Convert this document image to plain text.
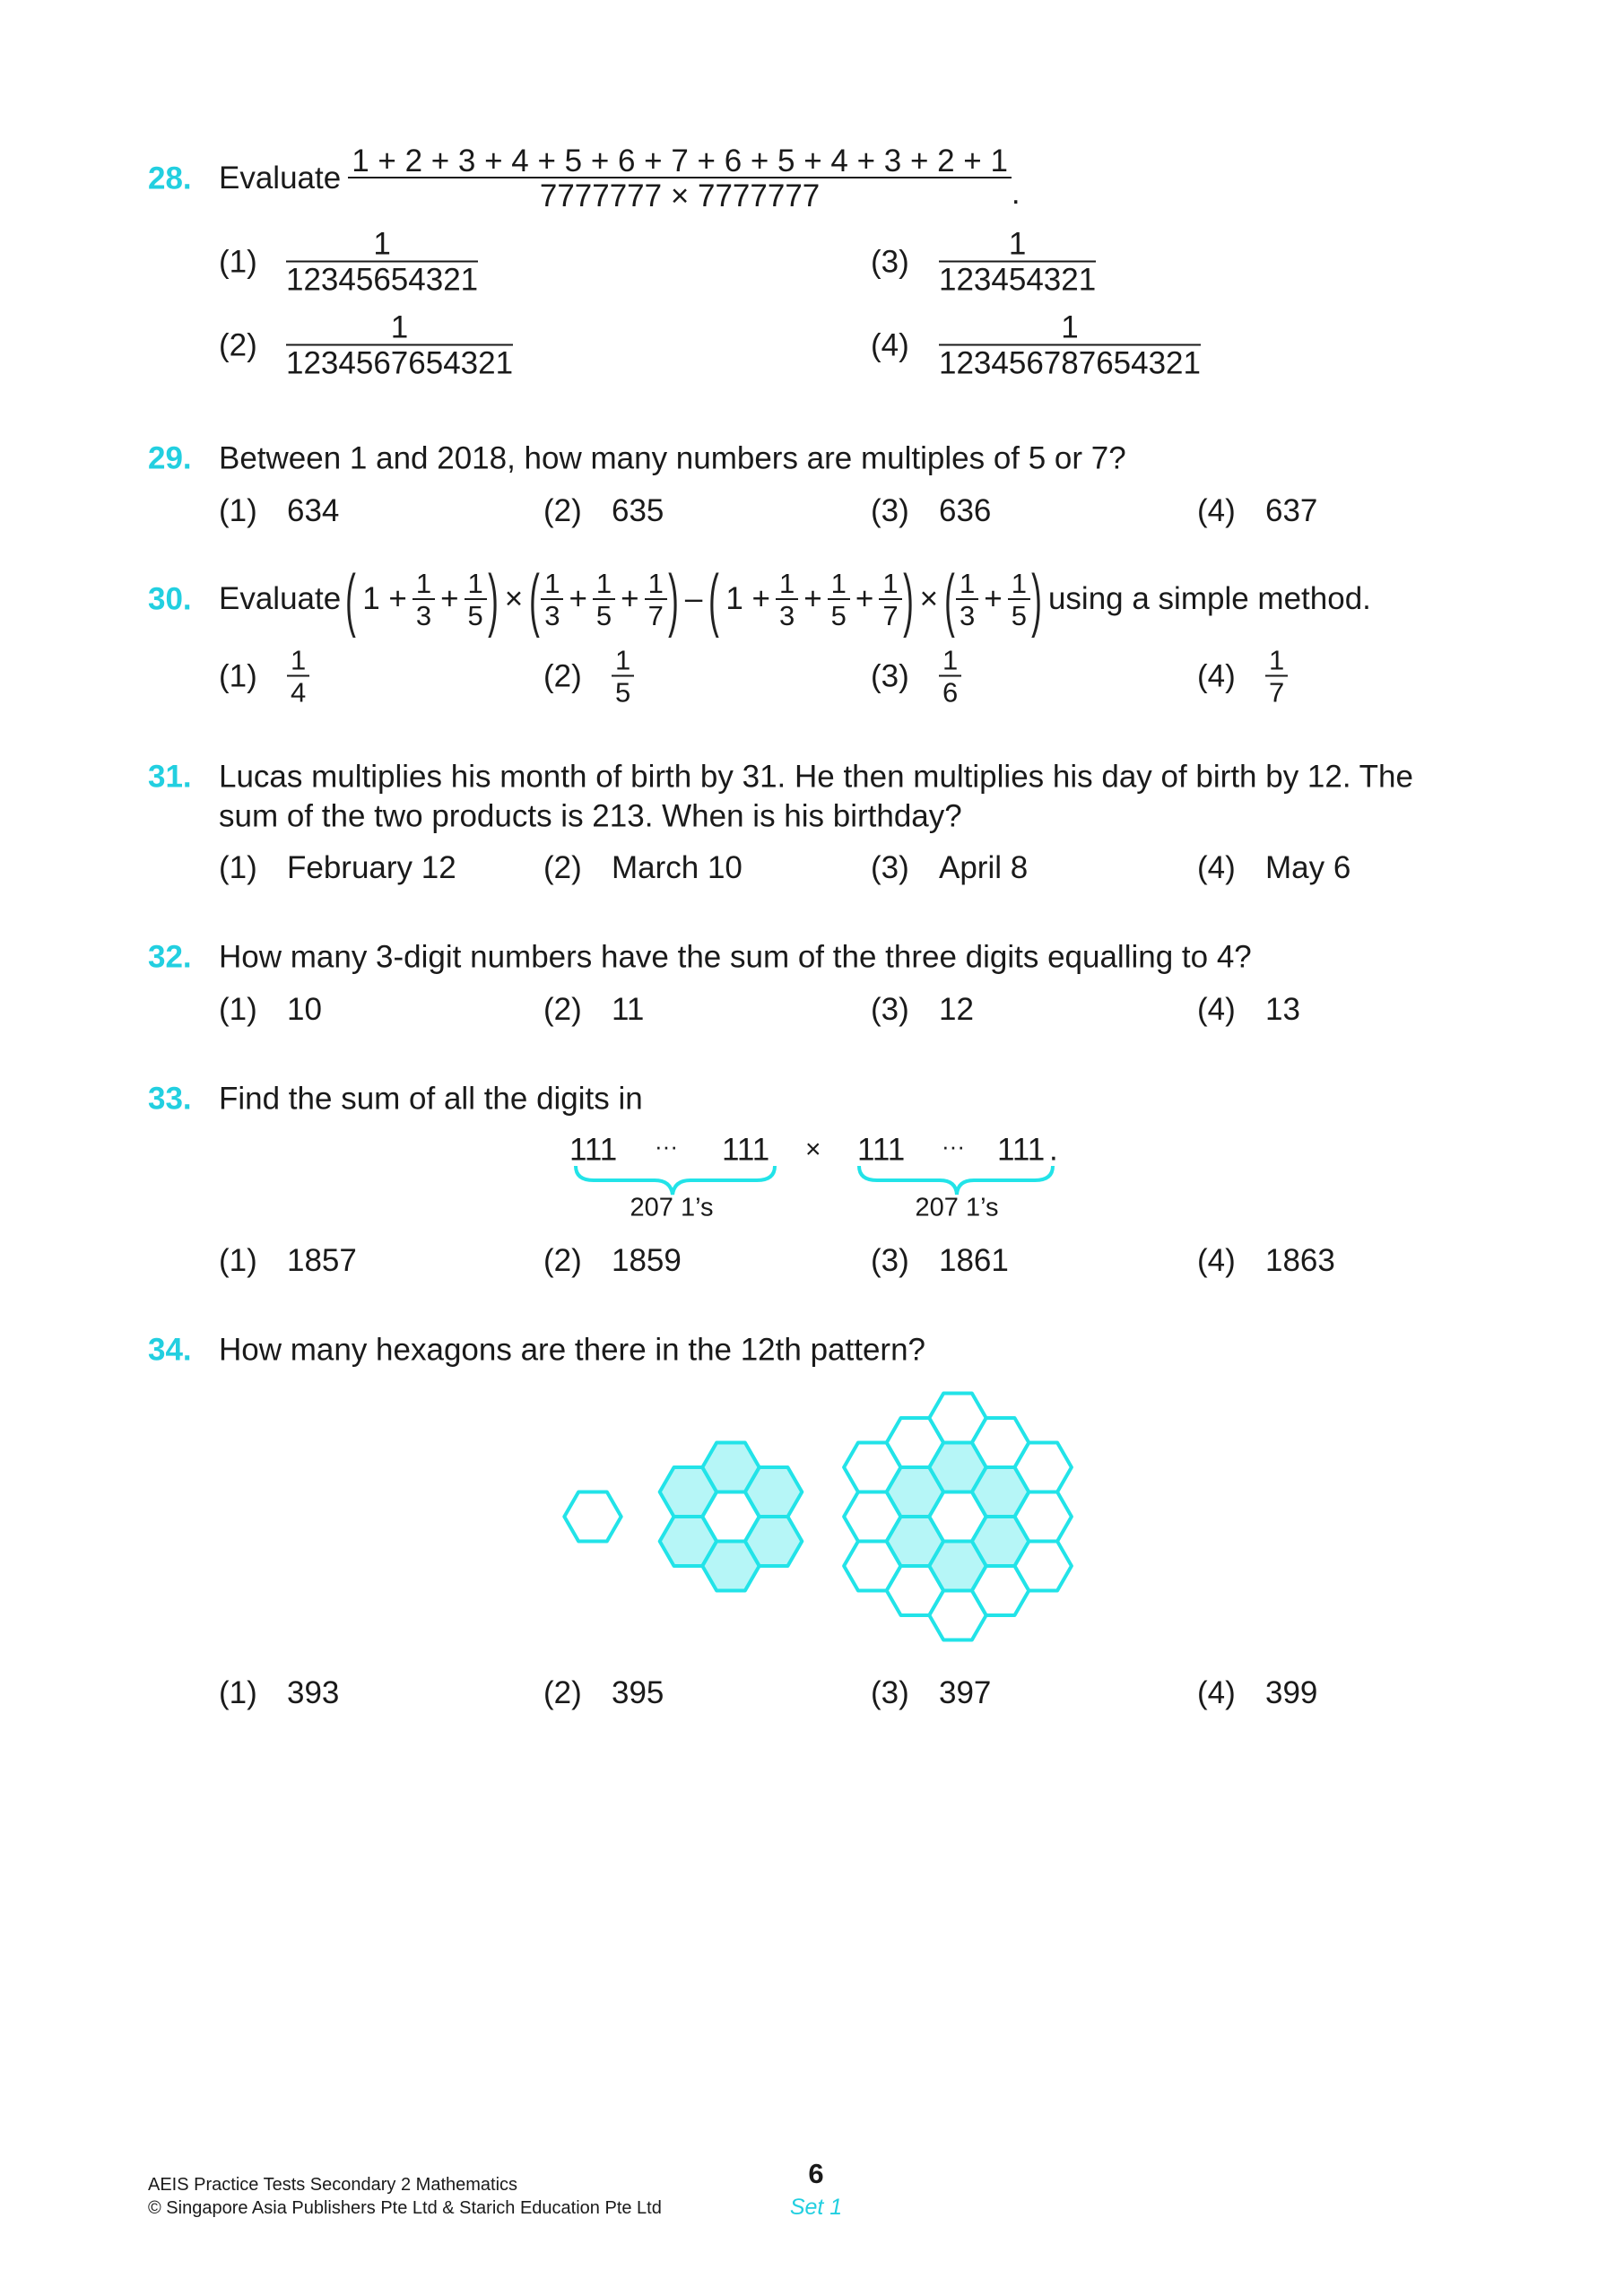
28. Evaluate $\frac{1 + 2 + 3 + 4 + 5 + 6 + 7 + 6 + 5 + 4 + 3 + 2 + 1}{7777777 \times 7777777}$ .
$(1) \frac{1}{12345654321}$
$(2) \frac{1}{1234567654321}$
$(3) \frac{1}{123454321}$
$(4) \frac{1}{123456787654321}$
29. Between 1 and 2018, how many numbers are multiples of 5 or 7?
(1) 634	(2) 635	(3) 636	(4) 637
30. Evaluate ( $1 + \frac{1}{3} + \frac{1}{5}$ ) × ( $\frac{1}{3} + \frac{1}{5} + \frac{1}{7}$ ) – ( $1 + \frac{1}{3} + \frac{1}{5} + \frac{1}{7}$ ) × ( $\frac{1}{3} + \frac{1}{5}$ ) using a simple method.
(1)	$\frac{1}{4}$	(2)	$\frac{1}{5}$	(3)	$\frac{1}{6}$	(4)	$\frac{1}{7}$
31. Lucas multiplies his month of birth by 31. He then multiplies his day of birth by 12. The
sum of the two products is 213. When is his birthday?
(1) February 12	(2) March 10	(3) April 8	(4) May 6
32. How many 3-digit numbers have the sum of the three digits equalling to 4?
(1) 10	(2) 11	(3) 12	(4) 13
33. Find the sum of all the digits in
111 ··· 111 × 111 ··· 111 .
207 1’s	207 1’s
(1) 1857	(2) 1859	(3) 1861	(4) 1863
34. How many hexagons are there in the 12th pattern?
(1) 393	(2) 395	(3) 397	(4) 399
AEIS Practice Tests Secondary 2 Mathematics
© Singapore Asia Publishers Pte Ltd & Starich Education Pte Ltd
6
Set 1
